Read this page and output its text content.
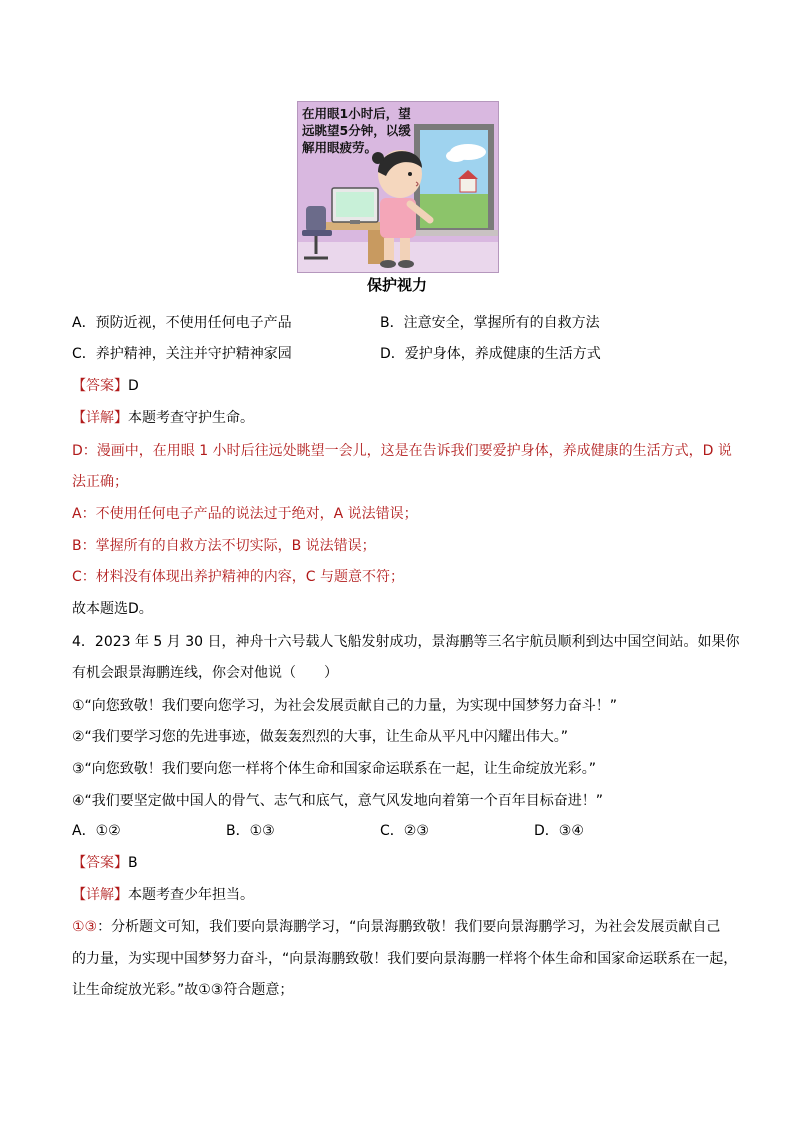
在用眼1小时后，望远眺望5分钟，以缓解用眼疲劳。
保护视力
A．预防近视，不使用任何电子产品	B．注意安全，掌握所有的自救方法
C．养护精神，关注并守护精神家园	D．爱护身体，养成健康的生活方式
【答案】D
【详解】本题考查守护生命。
D：漫画中，在用眼 1 小时后往远处眺望一会儿，这是在告诉我们要爱护身体，养成健康的生活方式，D 说
法正确；
A：不使用任何电子产品的说法过于绝对，A 说法错误；
B：掌握所有的自救方法不切实际，B 说法错误；
C：材料没有体现出养护精神的内容，C 与题意不符；
故本题选D。
4．2023 年 5 月 30 日，神舟十六号载人飞船发射成功，景海鹏等三名宇航员顺利到达中国空间站。如果你
有机会跟景海鹏连线，你会对他说（　　）
①“向您致敬！我们要向您学习，为社会发展贡献自己的力量，为实现中国梦努力奋斗！”
②“我们要学习您的先进事迹，做轰轰烈烈的大事，让生命从平凡中闪耀出伟大。”
③“向您致敬！我们要向您一样将个体生命和国家命运联系在一起，让生命绽放光彩。”
④“我们要坚定做中国人的骨气、志气和底气，意气风发地向着第一个百年目标奋进！”
A．①②	B．①③	C．②③	D．③④
【答案】B
【详解】本题考查少年担当。
①③：分析题文可知，我们要向景海鹏学习，“向景海鹏致敬！我们要向景海鹏学习，为社会发展贡献自己
的力量，为实现中国梦努力奋斗，“向景海鹏致敬！我们要向景海鹏一样将个体生命和国家命运联系在一起，
让生命绽放光彩。”故①③符合题意；
